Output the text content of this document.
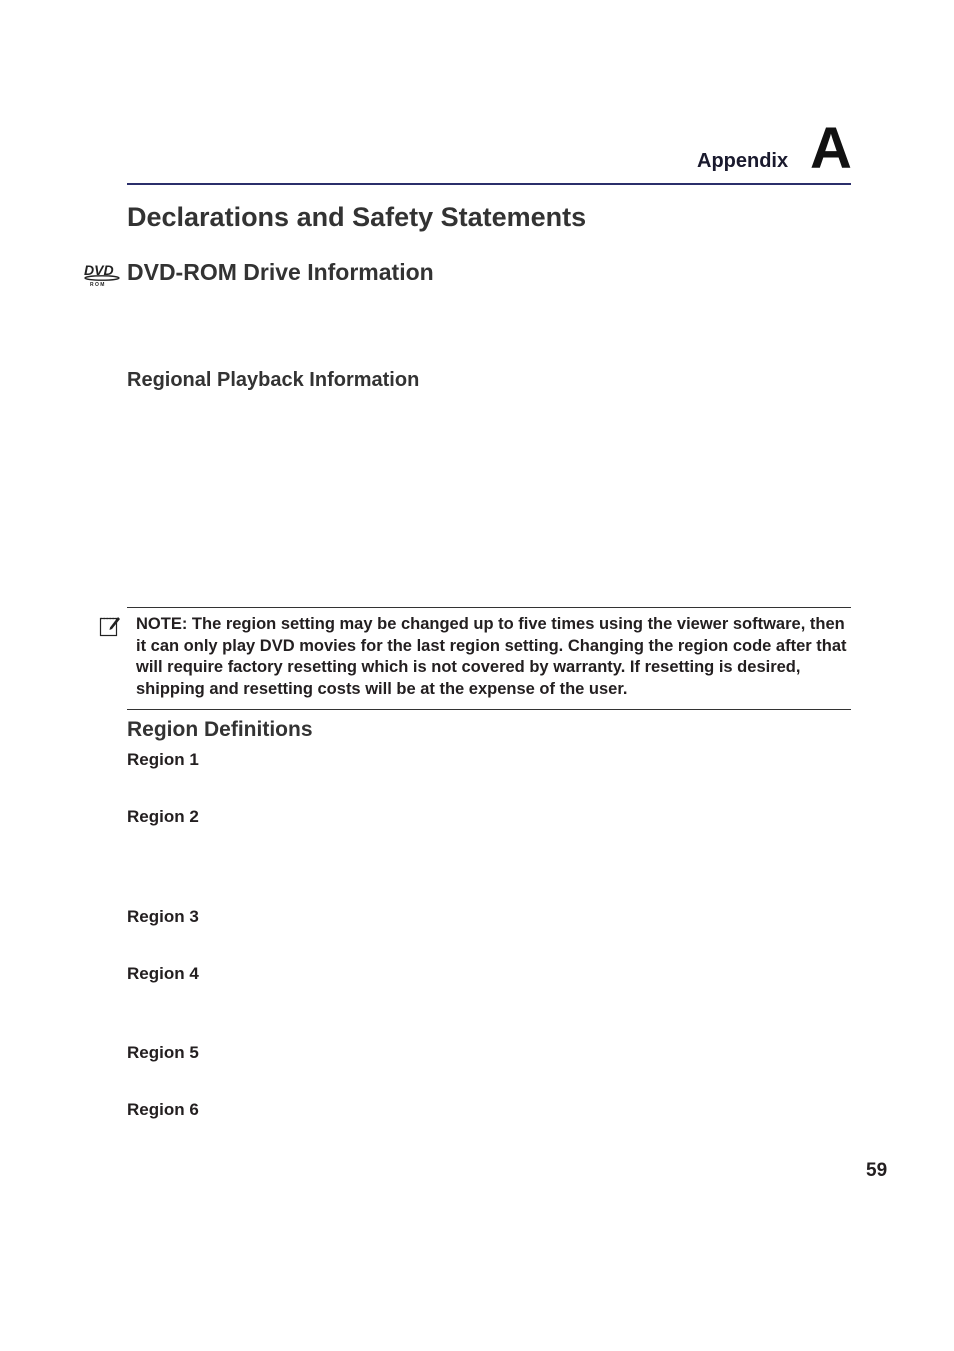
Appendix A
Declarations and Safety Statements
DVD
R O M DVD-ROM Drive Information
Regional Playback Information
NOTE: The region setting may be changed up to five times using the viewer software, then it can only play DVD movies for the last region setting. Changing the region code after that will require factory resetting which is not covered by warranty. If resetting is desired, shipping and resetting costs will be at the expense of the user.
Region Definitions
Region 1
Region 2
Region 3
Region 4
Region 5
Region 6
59
